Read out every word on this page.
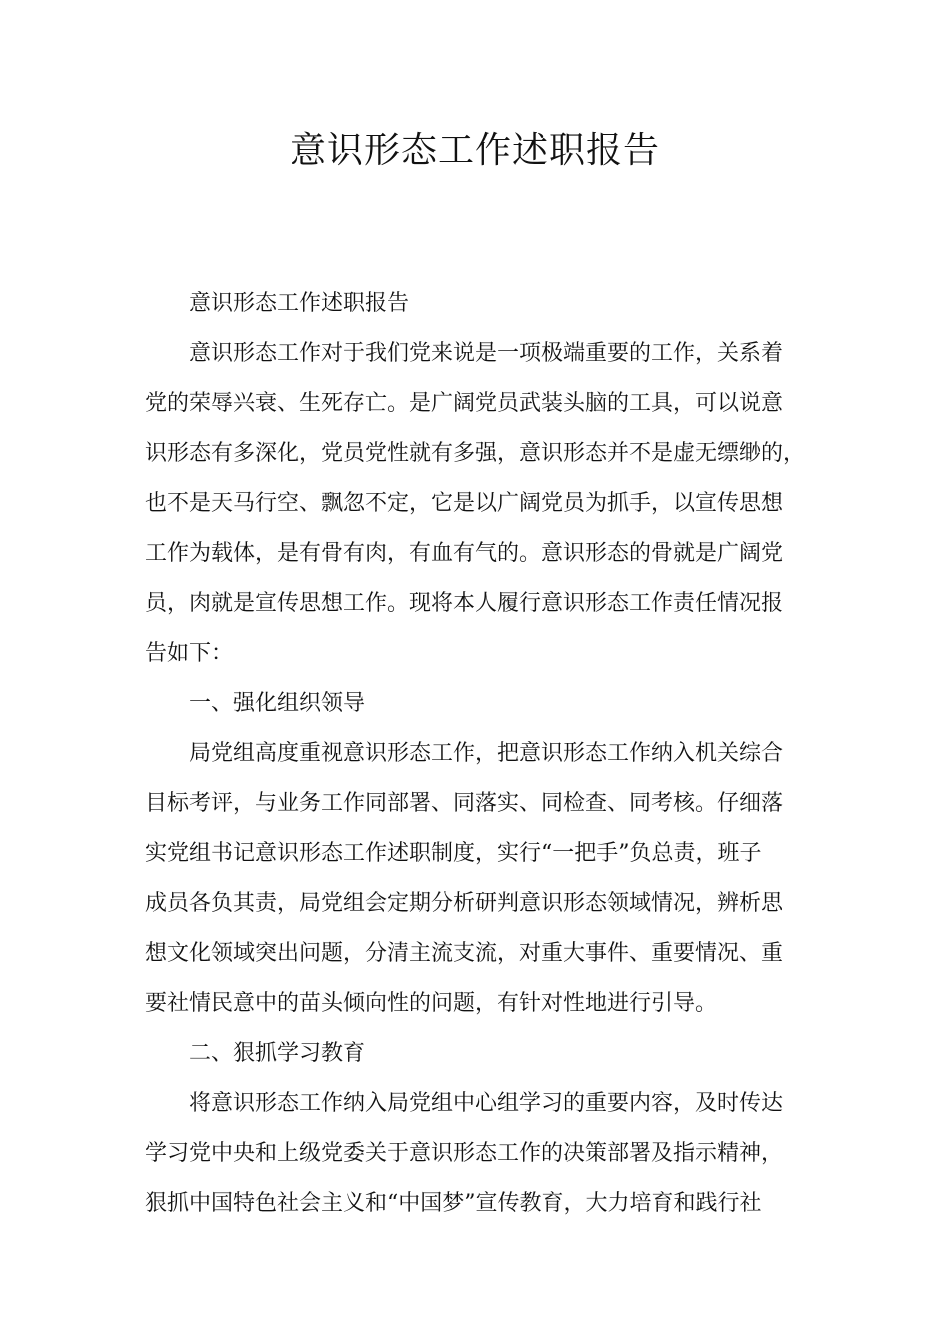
意识形态工作述职报告

意识形态工作述职报告

意识形态工作对于我们党来说是一项极端重要的工作，关系着

党的荣辱兴衰、生死存亡。是广阔党员武装头脑的工具，可以说意

识形态有多深化，党员党性就有多强，意识形态并不是虚无缥缈的，

也不是天马行空、飘忽不定，它是以广阔党员为抓手，以宣传思想

工作为载体，是有骨有肉，有血有气的。意识形态的骨就是广阔党

员，肉就是宣传思想工作。现将本人履行意识形态工作责任情况报

告如下：

一、强化组织领导

局党组高度重视意识形态工作，把意识形态工作纳入机关综合

目标考评，与业务工作同部署、同落实、同检查、同考核。仔细落

实党组书记意识形态工作述职制度，实行“一把手”负总责，班子

成员各负其责，局党组会定期分析研判意识形态领域情况，辨析思

想文化领域突出问题，分清主流支流，对重大事件、重要情况、重

要社情民意中的苗头倾向性的问题，有针对性地进行引导。

二、狠抓学习教育

将意识形态工作纳入局党组中心组学习的重要内容，及时传达

学习党中央和上级党委关于意识形态工作的决策部署及指示精神，

狠抓中国特色社会主义和“中国梦”宣传教育，大力培育和践行社
